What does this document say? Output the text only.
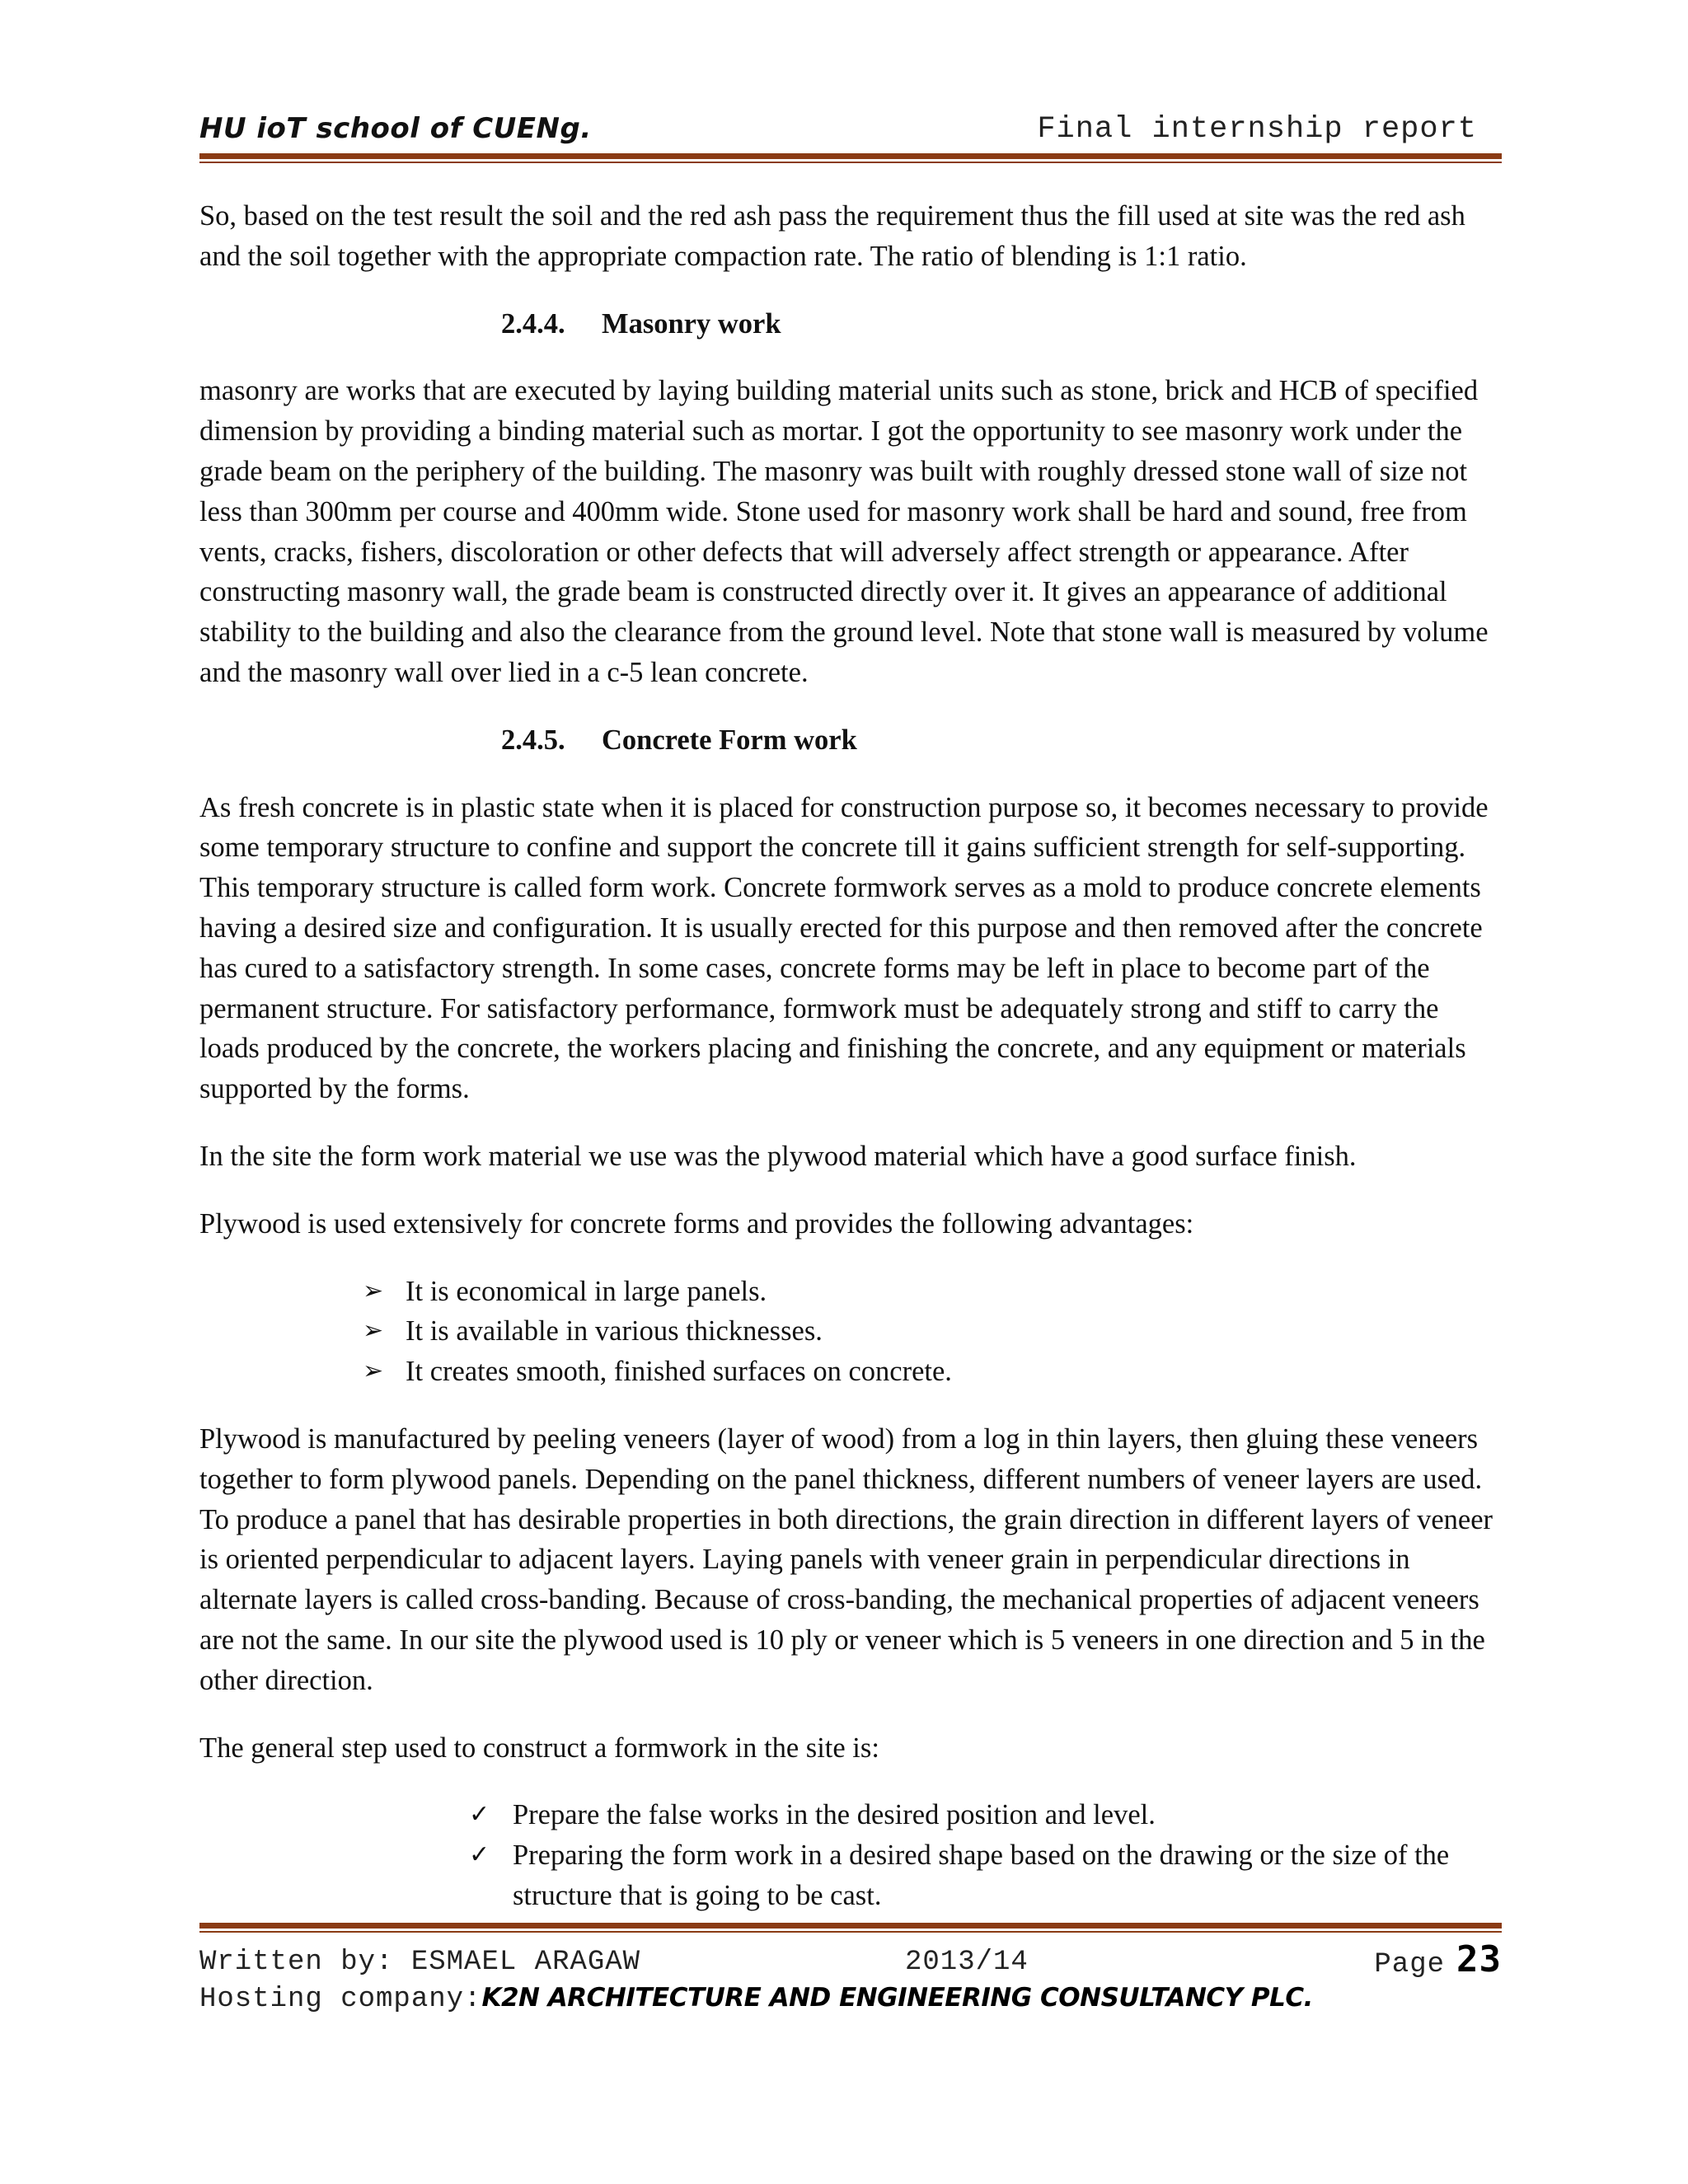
HU ioT school of CUENg.	Final internship report

So, based on the test result the soil and the red ash pass the requirement thus the fill used at site was the red ash and the soil together with the appropriate compaction rate. The ratio of blending is 1:1 ratio.

2.4.4. Masonry work

masonry are works that are executed by laying building material units such as stone, brick and HCB of specified dimension by providing a binding material such as mortar. I got the opportunity to see masonry work under the grade beam on the periphery of the building. The masonry was built with roughly dressed stone wall of size not less than 300mm per course and 400mm wide. Stone used for masonry work shall be hard and sound, free from vents, cracks, fishers, discoloration or other defects that will adversely affect strength or appearance. After constructing masonry wall, the grade beam is constructed directly over it. It gives an appearance of additional stability to the building and also the clearance from the ground level. Note that stone wall is measured by volume and the masonry wall over lied in a c-5 lean concrete.

2.4.5. Concrete Form work

As fresh concrete is in plastic state when it is placed for construction purpose so, it becomes necessary to provide some temporary structure to confine and support the concrete till it gains sufficient strength for self-supporting. This temporary structure is called form work. Concrete formwork serves as a mold to produce concrete elements having a desired size and configuration. It is usually erected for this purpose and then removed after the concrete has cured to a satisfactory strength. In some cases, concrete forms may be left in place to become part of the permanent structure. For satisfactory performance, formwork must be adequately strong and stiff to carry the loads produced by the concrete, the workers placing and finishing the concrete, and any equipment or materials supported by the forms.

In the site the form work material we use was the plywood material which have a good surface finish.

Plywood is used extensively for concrete forms and provides the following advantages:

➢ It is economical in large panels.
➢ It is available in various thicknesses.
➢ It creates smooth, finished surfaces on concrete.

Plywood is manufactured by peeling veneers (layer of wood) from a log in thin layers, then gluing these veneers together to form plywood panels. Depending on the panel thickness, different numbers of veneer layers are used. To produce a panel that has desirable properties in both directions, the grain direction in different layers of veneer is oriented perpendicular to adjacent layers. Laying panels with veneer grain in perpendicular directions in alternate layers is called cross-banding. Because of cross-banding, the mechanical properties of adjacent veneers are not the same. In our site the plywood used is 10 ply or veneer which is 5 veneers in one direction and 5 in the other direction.

The general step used to construct a formwork in the site is:

✓ Prepare the false works in the desired position and level.
✓ Preparing the form work in a desired shape based on the drawing or the size of the structure that is going to be cast.
Written by: ESMAEL ARAGAW	2013/14	Page 23
Hosting company:K2N ARCHITECTURE AND ENGINEERING CONSULTANCY PLC.
